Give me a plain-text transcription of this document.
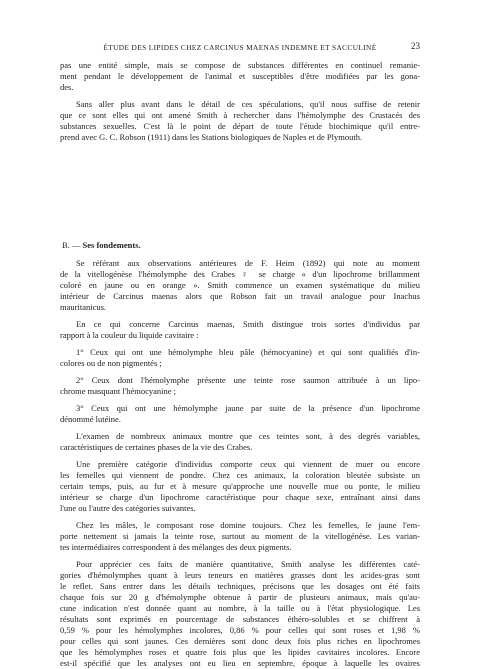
ÉTUDE DES LIPIDES CHEZ CARCINUS MAENAS INDEMNE ET SACCULINÉ	23
pas une entité simple, mais se compose de substances différentes en continuel remanie-
ment pendant le développement de l'animal et susceptibles d'être modifiées par les gona-
des.
Sans aller plus avant dans le détail de ces spéculations, qu'il nous suffise de retenir
que ce sont elles qui ont amené Smith à rechercher dans l'hémolymphe des Crustacés des
substances sexuelles. C'est là le point de départ de toute l'étude biochimique qu'il entre-
prend avec G. C. Robson (1911) dans les Stations biologiques de Naples et de Plymouth.
B. — Ses fondements.
Se référant aux observations antérieures de F. Heim (1892) qui note au moment
de la vitellogénèse l'hémolymphe des Crabes ♀ se charge « d'un lipochrome brillamment
coloré en jaune ou en orange ». Smith commence un examen systématique du milieu
intérieur de Carcinus maenas alors que Robson fait un travail analogue pour Inachus
mauritanicus.
En ce qui concerne Carcinus maenas, Smith distingue trois sortes d'individus par
rapport à la couleur du liquide cavitaire :
1° Ceux qui ont une hémolymphe bleu pâle (hémocyanine) et qui sont qualifiés d'in-
colores ou de non pigmentés ;
2° Ceux dont l'hémolymphe présente une teinte rose saumon attribuée à un lipo-
chrome masquant l'hémocyanine ;
3° Ceux qui ont une hémolymphe jaune par suite de la présence d'un lipochrome
dénommé lutéine.
L'examen de nombreux animaux montre que ces teintes sont, à des degrés variables,
caractéristiques de certaines phases de la vie des Crabes.
Une première catégorie d'individus comporte ceux qui viennent de muer ou encore
les femelles qui viennent de pondre. Chez ces animaux, la coloration bleutée subsiste un
certain temps, puis, au fur et à mesure qu'approche une nouvelle mue ou ponte, le milieu
intérieur se charge d'un lipochrome caractéristique pour chaque sexe, entraînant ainsi dans
l'une ou l'autre des catégories suivantes.
Chez les mâles, le composant rose domine toujours. Chez les femelles, le jaune l'em-
porte nettement si jamais la teinte rose, surtout au moment de la vitellogénèse. Les varian-
tes intermédiaires correspondent à des mélanges des deux pigments.
Pour apprécier ces faits de manière quantitative, Smith analyse les différentes caté-
gories d'hémolymphes quant à leurs teneurs en matières grasses dont les acides-gras sont
le reflet. Sans entrer dans les détails techniques, précisons que les dosages ont été faits
chaque fois sur 20 g d'hémolymphe obtenue à partir de plusieurs animaux, mais qu'au-
cune indication n'est donnée quant au nombre, à la taille ou à l'état physiologique. Les
résultats sont exprimés en pourcentage de substances éthéro-solubles et se chiffrent à
0,59 % pour les hémolymphes incolores, 0,86 % pour celles qui sont roses et 1,98 %
pour celles qui sont jaunes. Ces dernières sont donc deux fois plus riches en lipochromes
que les hémolymphes roses et quatre fois plus que les lipides cavitaires incolores. Encore
est-il spécifié que les analyses ont eu lieu en septembre, époque à laquelle les ovaires
